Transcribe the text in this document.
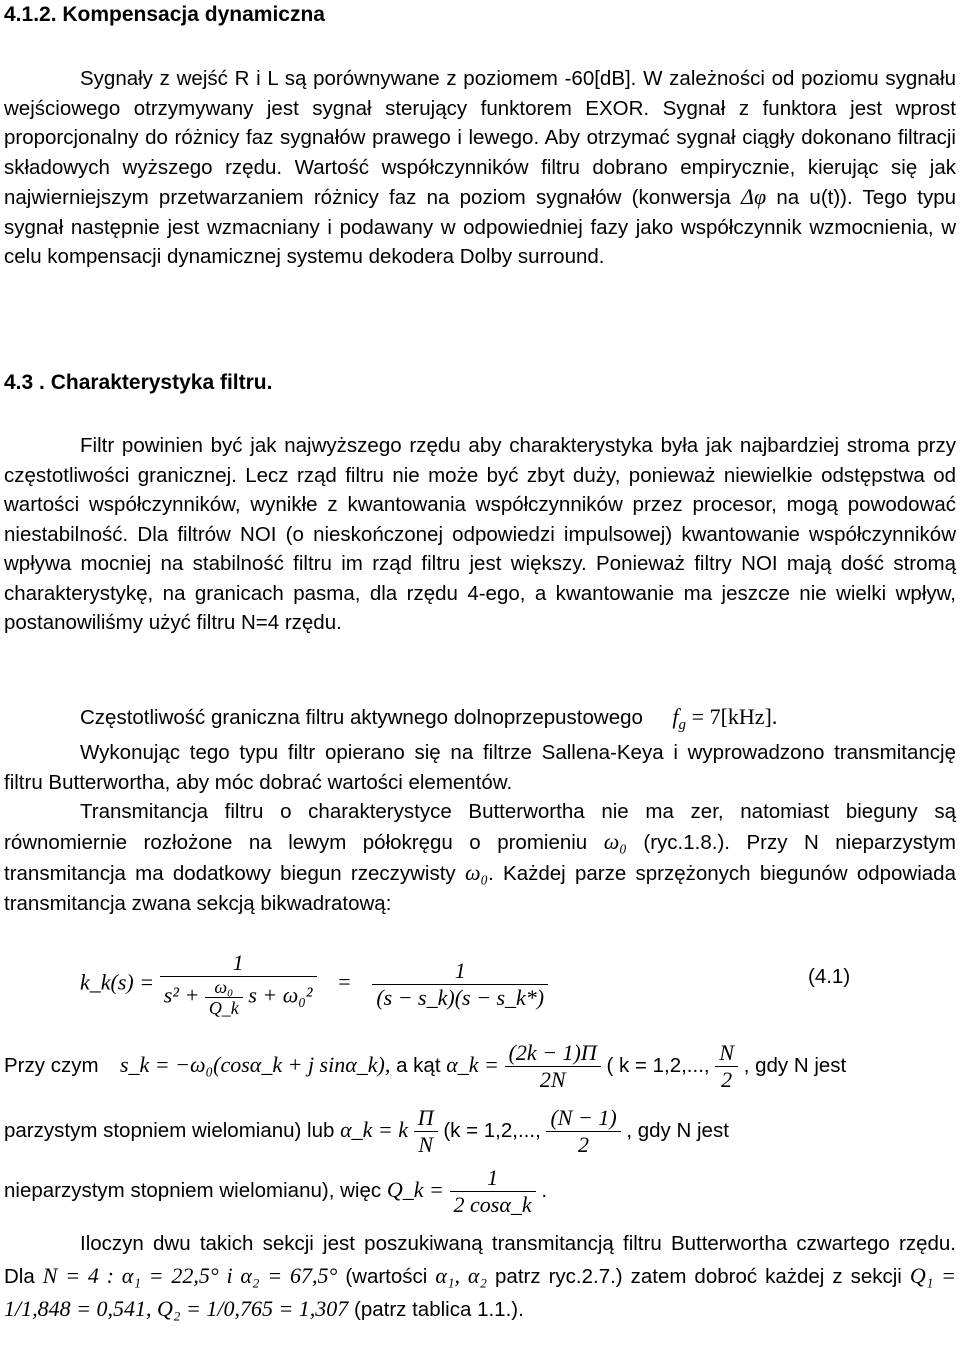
4.1.2. Kompensacja dynamiczna

Sygnały z wejść R i L są porównywane z poziomem -60[dB]. W zależności od poziomu sygnału wejściowego otrzymywany jest sygnał sterujący funktorem EXOR. Sygnał z funktora jest wprost proporcjonalny do różnicy faz sygnałów prawego i lewego. Aby otrzymać sygnał ciągły dokonano filtracji składowych wyższego rzędu. Wartość współczynników filtru dobrano empirycznie, kierując się jak najwierniejszym przetwarzaniem różnicy faz na poziom sygnałów (konwersja Δφ na u(t)). Tego typu sygnał następnie jest wzmacniany i podawany w odpowiedniej fazy jako współczynnik wzmocnienia, w celu kompensacji dynamicznej systemu dekodera Dolby surround.

4.3 . Charakterystyka filtru.

Filtr powinien być jak najwyższego rzędu aby charakterystyka była jak najbardziej stroma przy częstotliwości granicznej. Lecz rząd filtru nie może być zbyt duży, ponieważ niewielkie odstępstwa od wartości współczynników, wynikłe z kwantowania współczynników przez procesor, mogą powodować niestabilność. Dla filtrów NOI (o nieskończonej odpowiedzi impulsowej) kwantowanie współczynników wpływa mocniej na stabilność filtru im rząd filtru jest większy. Ponieważ filtry NOI mają dość stromą charakterystykę, na granicach pasma, dla rzędu 4-ego, a kwantowanie ma jeszcze nie wielki wpływ, postanowiliśmy użyć filtru N=4 rzędu.

Częstotliwość graniczna filtru aktywnego dolnoprzepustowego $f_g = 7[kHz]$.

Wykonując tego typu filtr opierano się na filtrze Sallena-Keya i wyprowadzono transmitancję filtru Butterwortha, aby móc dobrać wartości elementów.

Transmitancja filtru o charakterystyce Butterwortha nie ma zer, natomiast bieguny są równomiernie rozłożone na lewym półokręgu o promieniu ω₀ (ryc.1.8.). Przy N nieparzystym transmitancja ma dodatkowy biegun rzeczywisty ω₀. Każdej parze sprzężonych biegunów odpowiada transmitancja zwana sekcją bikwadratową:

k_k(s) = $\frac{1}{s^2 + \frac{\text{ω₀}}{Q\_k} s + \omega_0^2} = \frac{1}{(s - s\_k)(s - s\_k*)}$	(4.1)
Przy czym s_k = −ω₀(cosα_k + j sinα_k), a kąt α_k = $\frac{(2k - 1)\Pi}{2N}$ ( k = 1,2,..., $\frac{N}{2}$ , gdy N jest
parzystym stopniem wielomianu) lub α_k = k $\frac{\Pi}{N} (k = 1,2$,..., $\frac{(N - 1)}{2}$ , gdy N jest
nieparzystym stopniem wielomianu), więc Q_k = $\frac{1}{2 \cos\alpha\_k}$ .

Iloczyn dwu takich sekcji jest poszukiwaną transmitancją filtru Butterwortha czwartego rzędu. Dla N = 4 : α₁ = 22,5° i α₂ = 67,5° (wartości α₁, α₂ patrz ryc.2.7.) zatem dobroć każdej z sekcji Q₁ = 1/1,848 = 0,541, Q₂ = 1/0,765 = 1,307 (patrz tablica 1.1.).
